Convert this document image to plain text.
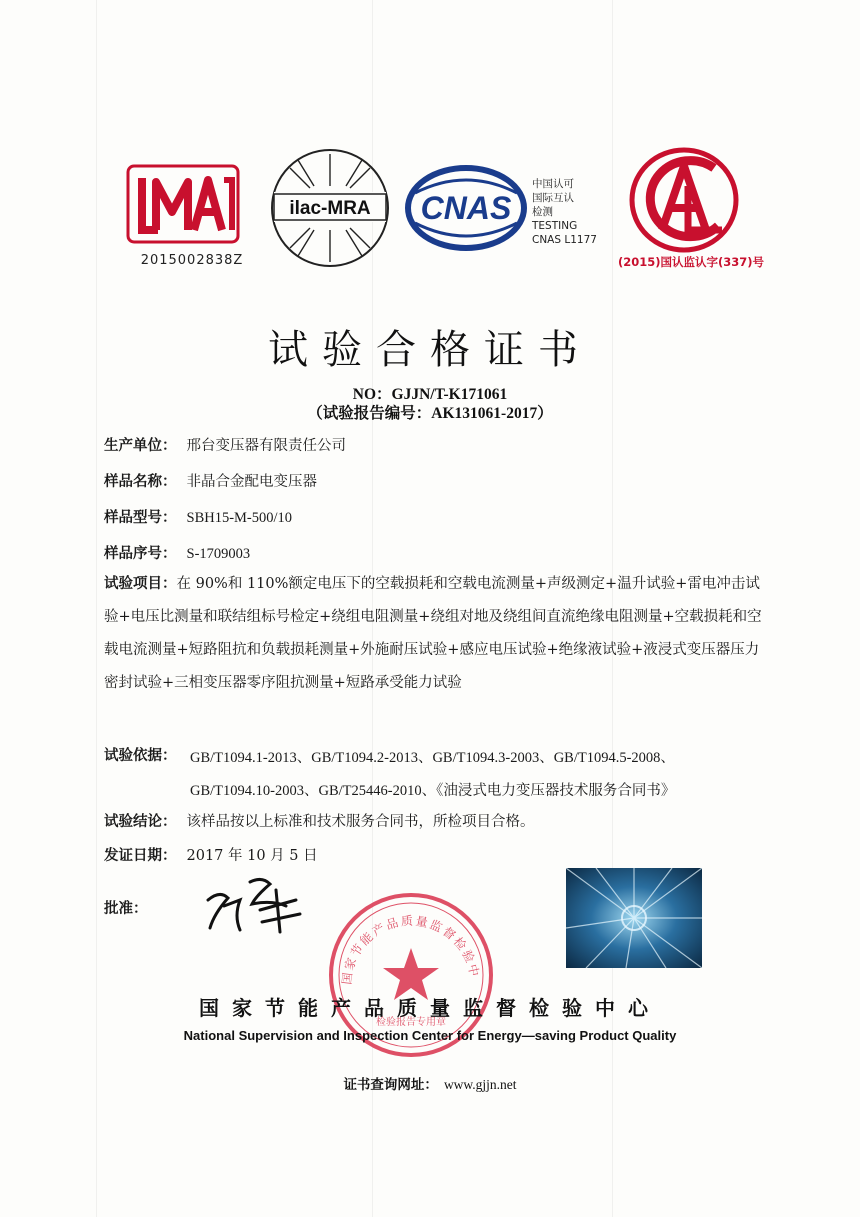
2015002838Z
ilac-MRA CNAS
中国认可
国际互认
检测
TESTING
CNAS L1177
(2015)国认监认字(337)号
试验合格证书
NO：GJJN/T-K171061
（试验报告编号：AK131061-2017）
生产单位： 邢台变压器有限责任公司
样品名称： 非晶合金配电变压器
样品型号： SBH15-M-500/10
样品序号： S-1709003
试验项目：在 90%和 110%额定电压下的空载损耗和空载电流测量+声级测定+温升试验+雷电冲击试验+电压比测量和联结组标号检定+绕组电阻测量+绕组对地及绕组间直流绝缘电阻测量+空载损耗和空载电流测量+短路阻抗和负载损耗测量+外施耐压试验+感应电压试验+绝缘液试验+液浸式变压器压力密封试验+三相变压器零序阻抗测量+短路承受能力试验
试验依据： GB/T1094.1-2013、GB/T1094.2-2013、GB/T1094.3-2003、GB/T1094.5-2008、
GB/T1094.10-2003、GB/T25446-2010、《油浸式电力变压器技术服务合同书》
试验结论： 该样品按以上标准和技术服务合同书，所检项目合格。
发证日期： 2017 年 10 月 5 日
批准：
国家节能产品质量监督检验中
检验报告专用章
国家节能产品质量监督检验中心
National Supervision and Inspection Center for Energy—saving Product Quality
证书查询网址： www.gjjn.net
